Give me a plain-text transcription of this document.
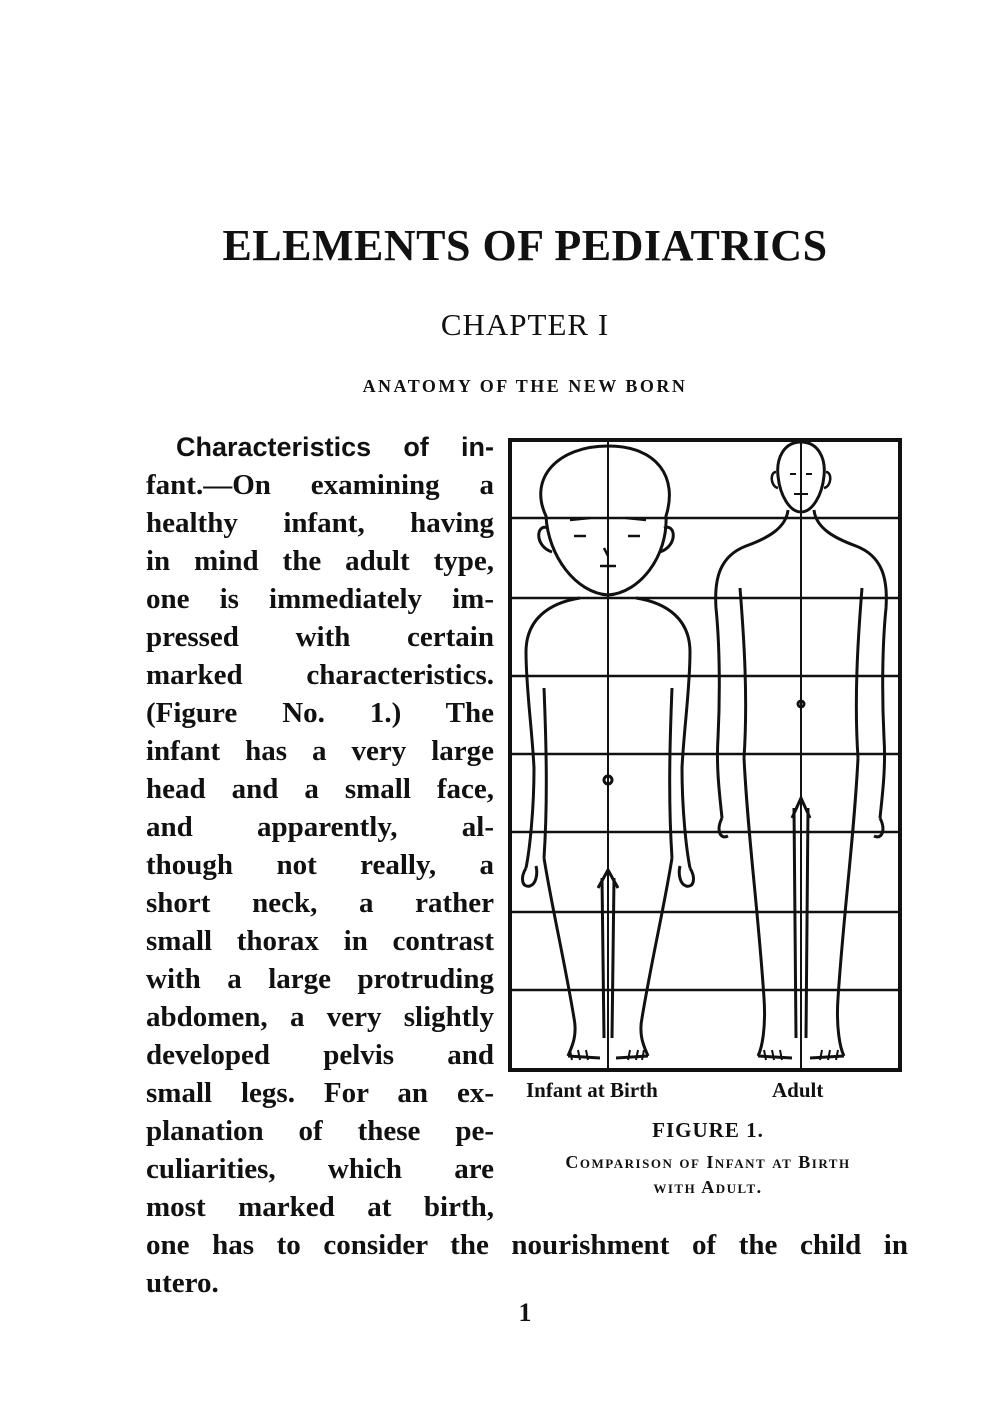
ELEMENTS OF PEDIATRICS
CHAPTER I
ANATOMY OF THE NEW BORN
Characteristics of in-
fant.—On examining a
healthy infant, having
in mind the adult type,
one is immediately im-
pressed with certain
marked characteristics.
(Figure No. 1.) The
infant has a very large
head and a small face,
and apparently, al-
though not really, a
short neck, a rather
small thorax in contrast
with a large protruding
abdomen, a very slightly
developed pelvis and
small legs. For an ex-
planation of these pe-
culiarities, which are
most marked at birth,
one has to consider the nourishment of the child in
utero.
Infant at Birth	Adult
FIGURE 1.
Comparison of Infant at Birth
with Adult.
1
